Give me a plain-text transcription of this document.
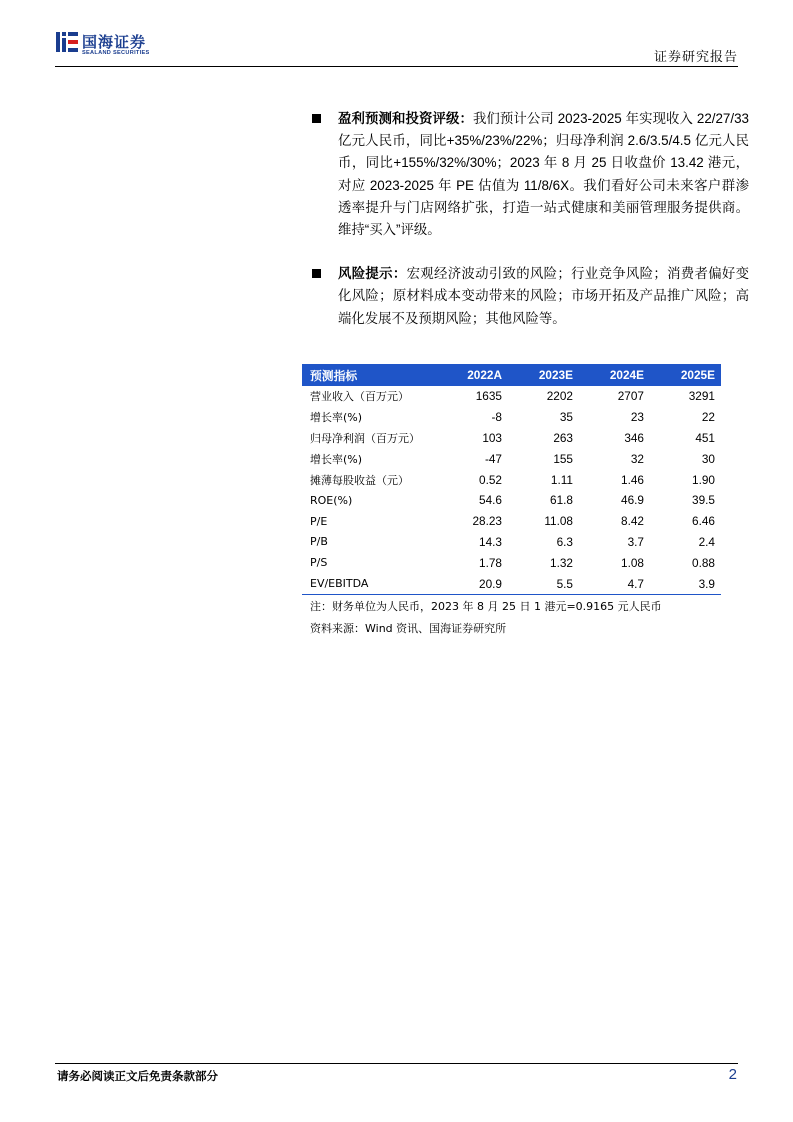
国海证券
SEALAND SECURITIES	证券研究报告
盈利预测和投资评级：我们预计公司 2023-2025 年实现收入 22/27/33 亿元人民币，同比+35%/23%/22%；归母净利润 2.6/3.5/4.5 亿元人民币，同比+155%/32%/30%；2023 年 8 月 25 日收盘价 13.42 港元，对应 2023-2025 年 PE 估值为 11/8/6X。我们看好公司未来客户群渗透率提升与门店网络扩张，打造一站式健康和美丽管理服务提供商。维持“买入”评级。
风险提示：宏观经济波动引致的风险；行业竞争风险；消费者偏好变化风险；原材料成本变动带来的风险；市场开拓及产品推广风险；高端化发展不及预期风险；其他风险等。
预测指标	2022A	2023E	2024E	2025E
营业收入（百万元）	1635	2202	2707	3291
增长率(%)	-8	35	23	22
归母净利润（百万元）	103	263	346	451
增长率(%)	-47	155	32	30
摊薄每股收益（元）	0.52	1.11	1.46	1.90
ROE(%)	54.6	61.8	46.9	39.5
P/E	28.23	11.08	8.42	6.46
P/B	14.3	6.3	3.7	2.4
P/S	1.78	1.32	1.08	0.88
EV/EBITDA	20.9	5.5	4.7	3.9
注：财务单位为人民币，2023 年 8 月 25 日 1 港元=0.9165 元人民币
资料来源：Wind 资讯、国海证券研究所
请务必阅读正文后免责条款部分	2
